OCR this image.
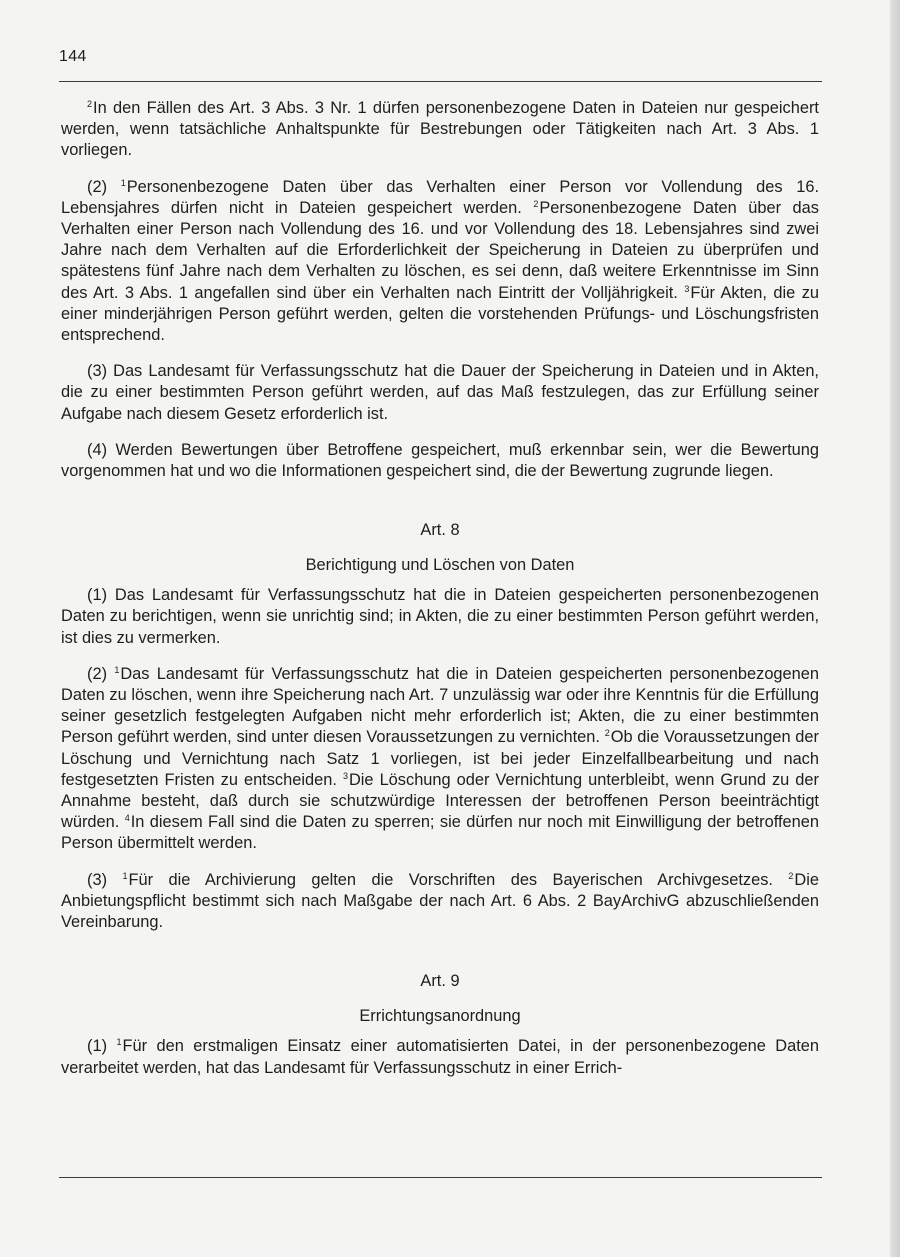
144

$^2$In den Fällen des Art. 3 Abs. 3 Nr. 1 dürfen personenbezogene Daten in Dateien nur gespeichert werden, wenn tatsächliche Anhaltspunkte für Bestrebungen oder Tätigkeiten nach Art. 3 Abs. 1 vorliegen.

(2) $^1$Personenbezogene Daten über das Verhalten einer Person vor Vollendung des 16. Lebensjahres dürfen nicht in Dateien gespeichert werden. $^2$Personenbezogene Daten über das Verhalten einer Person nach Vollendung des 16. und vor Vollendung des 18. Lebensjahres sind zwei Jahre nach dem Verhalten auf die Erforderlichkeit der Speicherung in Dateien zu überprüfen und spätestens fünf Jahre nach dem Verhalten zu löschen, es sei denn, daß weitere Erkenntnisse im Sinn des Art. 3 Abs. 1 angefallen sind über ein Verhalten nach Eintritt der Volljährigkeit. $^3$Für Akten, die zu einer minderjährigen Person geführt werden, gelten die vorstehenden Prüfungs- und Löschungsfristen entsprechend.

(3) Das Landesamt für Verfassungsschutz hat die Dauer der Speicherung in Dateien und in Akten, die zu einer bestimmten Person geführt werden, auf das Maß festzulegen, das zur Erfüllung seiner Aufgabe nach diesem Gesetz erforderlich ist.

(4) Werden Bewertungen über Betroffene gespeichert, muß erkennbar sein, wer die Bewertung vorgenommen hat und wo die Informationen gespeichert sind, die der Bewertung zugrunde liegen.

Art. 8
Berichtigung und Löschen von Daten

(1) Das Landesamt für Verfassungsschutz hat die in Dateien gespeicherten personenbezogenen Daten zu berichtigen, wenn sie unrichtig sind; in Akten, die zu einer bestimmten Person geführt werden, ist dies zu vermerken.

(2) $^1$Das Landesamt für Verfassungsschutz hat die in Dateien gespeicherten personenbezogenen Daten zu löschen, wenn ihre Speicherung nach Art. 7 unzulässig war oder ihre Kenntnis für die Erfüllung seiner gesetzlich festgelegten Aufgaben nicht mehr erforderlich ist; Akten, die zu einer bestimmten Person geführt werden, sind unter diesen Voraussetzungen zu vernichten. $^2$Ob die Voraussetzungen der Löschung und Vernichtung nach Satz 1 vorliegen, ist bei jeder Einzelfallbearbeitung und nach festgesetzten Fristen zu entscheiden. $^3$Die Löschung oder Vernichtung unterbleibt, wenn Grund zu der Annahme besteht, daß durch sie schutzwürdige Interessen der betroffenen Person beeinträchtigt würden. $^4$In diesem Fall sind die Daten zu sperren; sie dürfen nur noch mit Einwilligung der betroffenen Person übermittelt werden.

(3) $^1$Für die Archivierung gelten die Vorschriften des Bayerischen Archivgesetzes. $^2$Die Anbietungspflicht bestimmt sich nach Maßgabe der nach Art. 6 Abs. 2 BayArchivG abzuschließenden Vereinbarung.

Art. 9
Errichtungsanordnung

(1) $^1$Für den erstmaligen Einsatz einer automatisierten Datei, in der personenbezogene Daten verarbeitet werden, hat das Landesamt für Verfassungsschutz in einer Errich-
